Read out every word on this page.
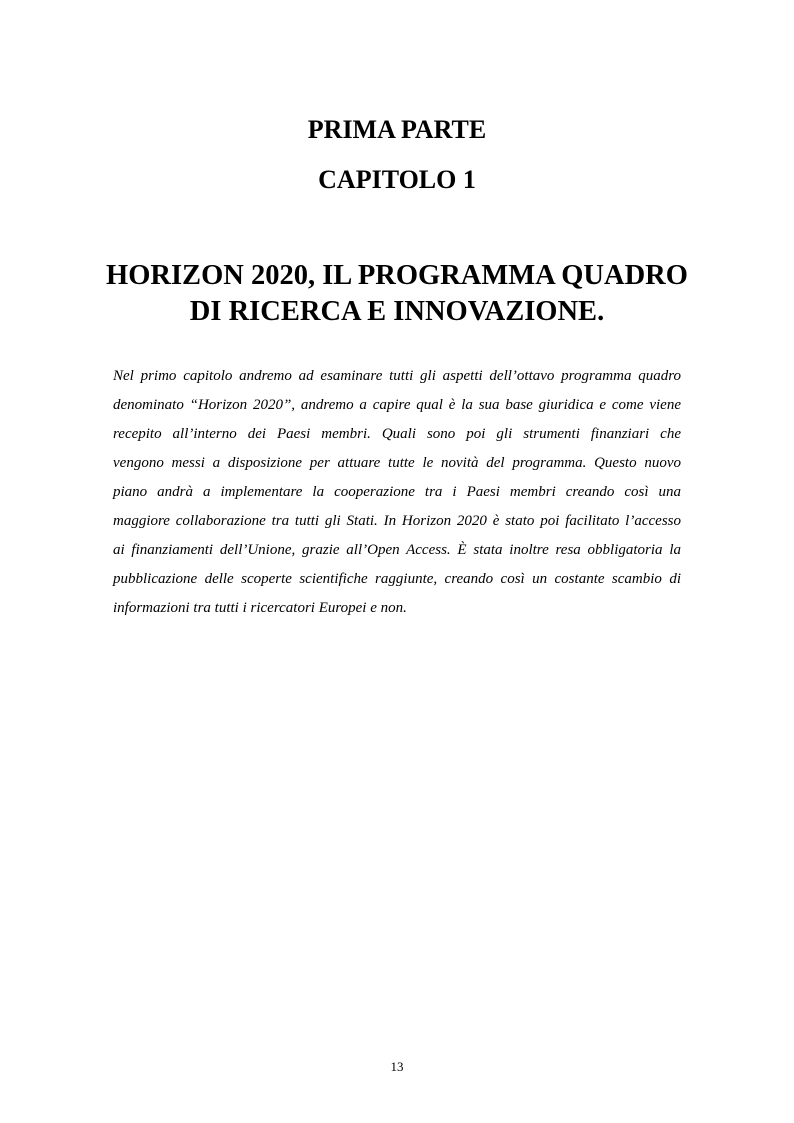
PRIMA PARTE
CAPITOLO 1
HORIZON 2020, IL PROGRAMMA QUADRO
DI RICERCA E INNOVAZIONE.

Nel primo capitolo andremo ad esaminare tutti gli aspetti dell’ottavo programma quadro
denominato “Horizon 2020”, andremo a capire qual è la sua base giuridica e come viene
recepito all’interno dei Paesi membri. Quali sono poi gli strumenti finanziari che
vengono messi a disposizione per attuare tutte le novità del programma. Questo nuovo
piano andrà a implementare la cooperazione tra i Paesi membri creando così una
maggiore collaborazione tra tutti gli Stati. In Horizon 2020 è stato poi facilitato l’accesso
ai finanziamenti dell’Unione, grazie all’Open Access. È stata inoltre resa obbligatoria la
pubblicazione delle scoperte scientifiche raggiunte, creando così un costante scambio di
informazioni tra tutti i ricercatori Europei e non.

13
